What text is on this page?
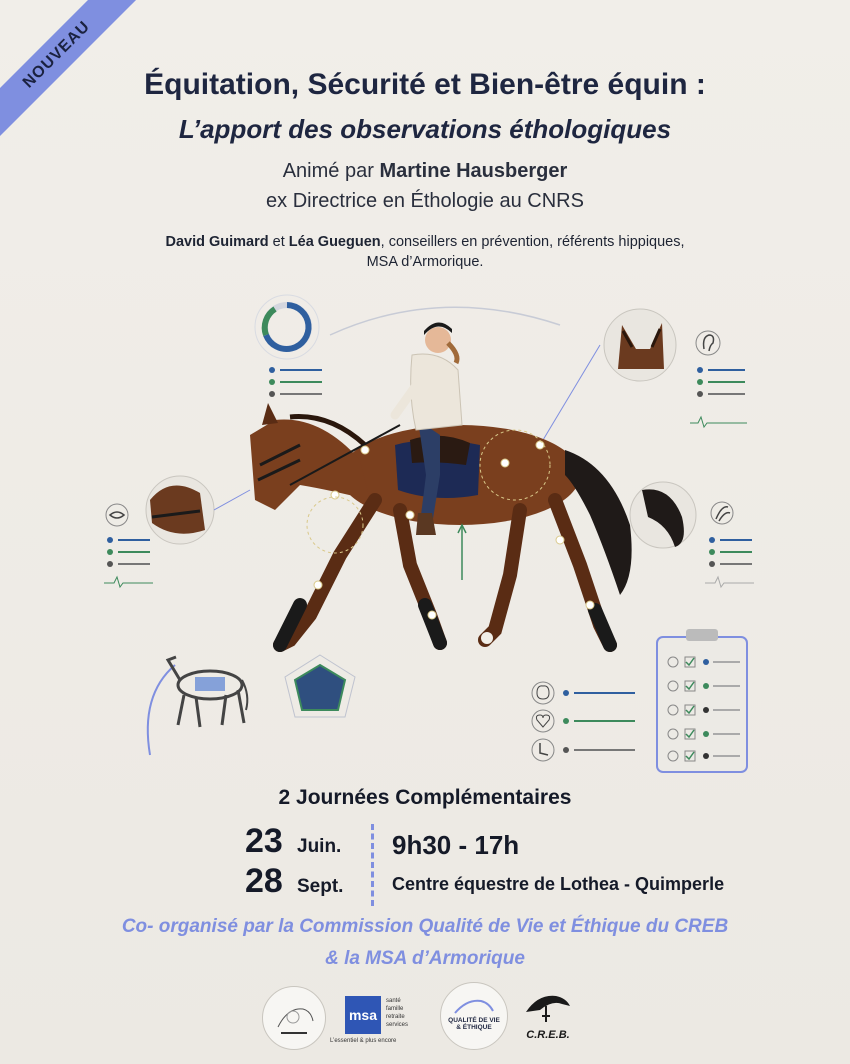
NOUVEAU	Équitation, Sécurité et Bien-être équin :
L’apport des observations éthologiques
Animé par Martine Hausberger
ex Directrice en Éthologie au CNRS
David Guimard et Léa Gueguen, conseillers en prévention, référents hippiques,
MSA d’Armorique.
2 Journées Complémentaires
23 Juin.
28 Sept.
9h30 - 17h
Centre équestre de Lothea - Quimperle
Co- organisé par la Commission Qualité de Vie et Éthique du CREB
& la MSA d’Armorique
msa
santé
famille
retraite
services
L’essentiel & plus encore
QUALITÉ DE VIE & ÉTHIQUE
C.R.E.B.
